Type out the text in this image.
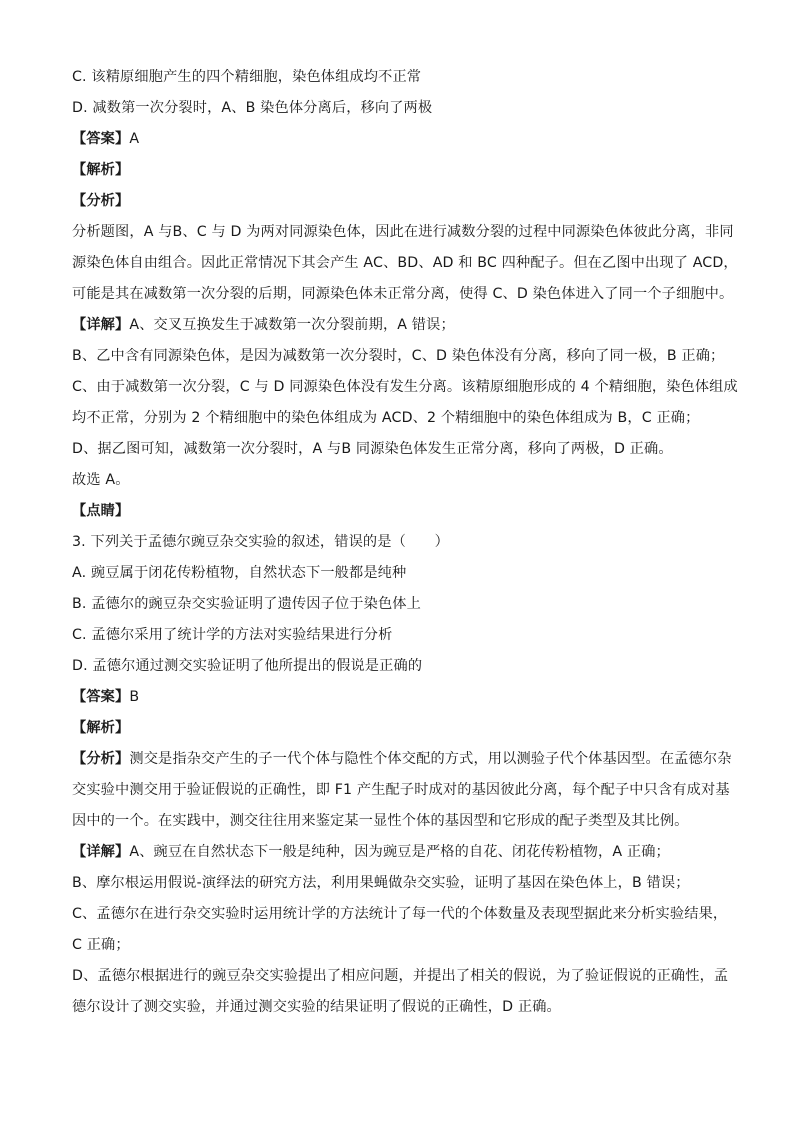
C. 该精原细胞产生的四个精细胞，染色体组成均不正常
D. 减数第一次分裂时，A、B 染色体分离后，移向了两极
【答案】A
【解析】
【分析】
分析题图，A 与B、C 与 D 为两对同源染色体，因此在进行减数分裂的过程中同源染色体彼此分离，非同
源染色体自由组合。因此正常情况下其会产生 AC、BD、AD 和 BC 四种配子。但在乙图中出现了 ACD，
可能是其在减数第一次分裂的后期，同源染色体未正常分离，使得 C、D 染色体进入了同一个子细胞中。
【详解】A、交叉互换发生于减数第一次分裂前期，A 错误；
B、乙中含有同源染色体，是因为减数第一次分裂时，C、D 染色体没有分离，移向了同一极，B 正确；
C、由于减数第一次分裂，C 与 D 同源染色体没有发生分离。该精原细胞形成的 4 个精细胞，染色体组成
均不正常，分别为 2 个精细胞中的染色体组成为 ACD、2 个精细胞中的染色体组成为 B，C 正确；
D、据乙图可知，减数第一次分裂时，A 与B 同源染色体发生正常分离，移向了两极，D 正确。
故选 A。
【点睛】
3. 下列关于孟德尔豌豆杂交实验的叙述，错误的是（　　）
A. 豌豆属于闭花传粉植物，自然状态下一般都是纯种
B. 孟德尔的豌豆杂交实验证明了遗传因子位于染色体上
C. 孟德尔采用了统计学的方法对实验结果进行分析
D. 孟德尔通过测交实验证明了他所提出的假说是正确的
【答案】B
【解析】
【分析】测交是指杂交产生的子一代个体与隐性个体交配的方式，用以测验子代个体基因型。在孟德尔杂
交实验中测交用于验证假说的正确性，即 F1 产生配子时成对的基因彼此分离，每个配子中只含有成对基
因中的一个。在实践中，测交往往用来鉴定某一显性个体的基因型和它形成的配子类型及其比例。
【详解】A、豌豆在自然状态下一般是纯种，因为豌豆是严格的自花、闭花传粉植物，A 正确；
B、摩尔根运用假说-演绎法的研究方法，利用果蝇做杂交实验，证明了基因在染色体上，B 错误；
C、孟德尔在进行杂交实验时运用统计学的方法统计了每一代的个体数量及表现型据此来分析实验结果，
C 正确；
D、孟德尔根据进行的豌豆杂交实验提出了相应问题，并提出了相关的假说，为了验证假说的正确性，孟
德尔设计了测交实验，并通过测交实验的结果证明了假说的正确性，D 正确。
